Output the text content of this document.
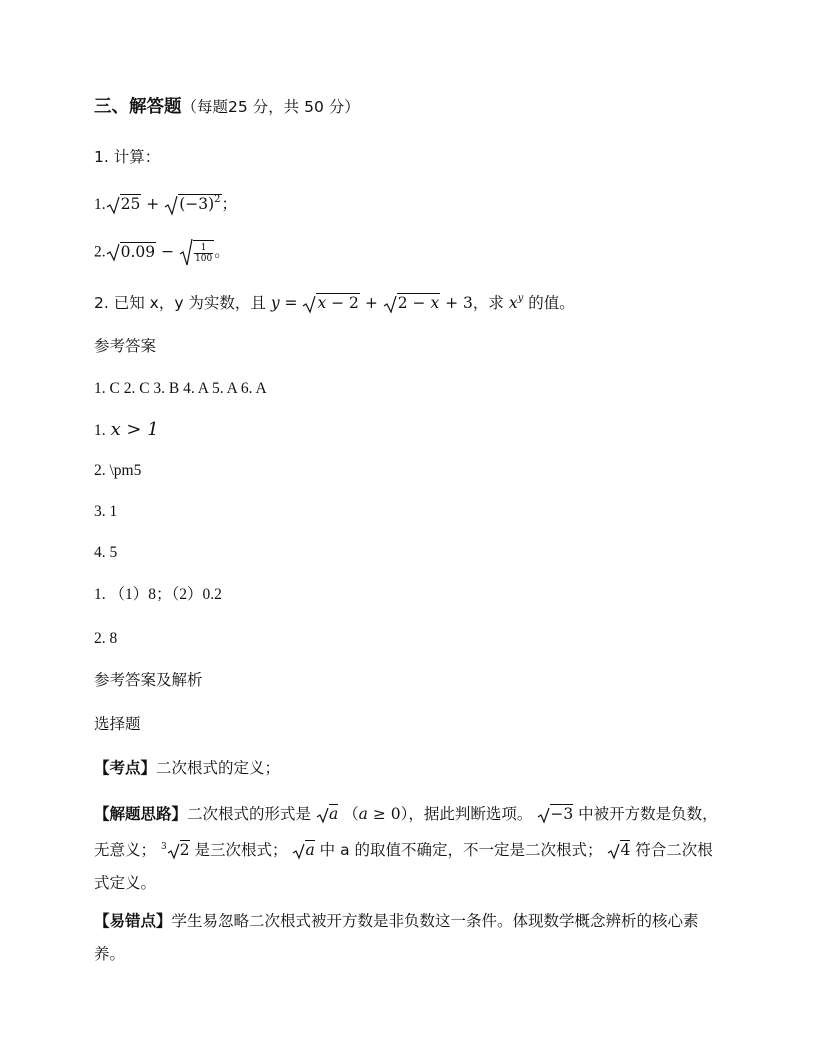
三、解答题（每题25 分，共 50 分）
1. 计算：
1. $25 + (-3)^2$；
2. $0.09 - \frac{1}{100}$ 。
2. 已知 x，y 为实数，且 y = x − 2 + 2 − x + 3，求 $x^y$ 的值。
参考答案
1. C 2. C 3. B 4. A 5. A 6. A
1. x > 1
2. \pm5
3. 1
4. 5
1. （1）8；（2）0.2
2. 8
参考答案及解析
选择题
【考点】二次根式的定义；
【解题思路】二次根式的形式是 a （a ≥ 0），据此判断选项。 −3 中被开方数是负数，无意义； $^3$ 2 是三次根式； a 中 a 的取值不确定，不一定是二次根式； 4 符合二次根式定义。
【易错点】学生易忽略二次根式被开方数是非负数这一条件。体现数学概念辨析的核心素养。
